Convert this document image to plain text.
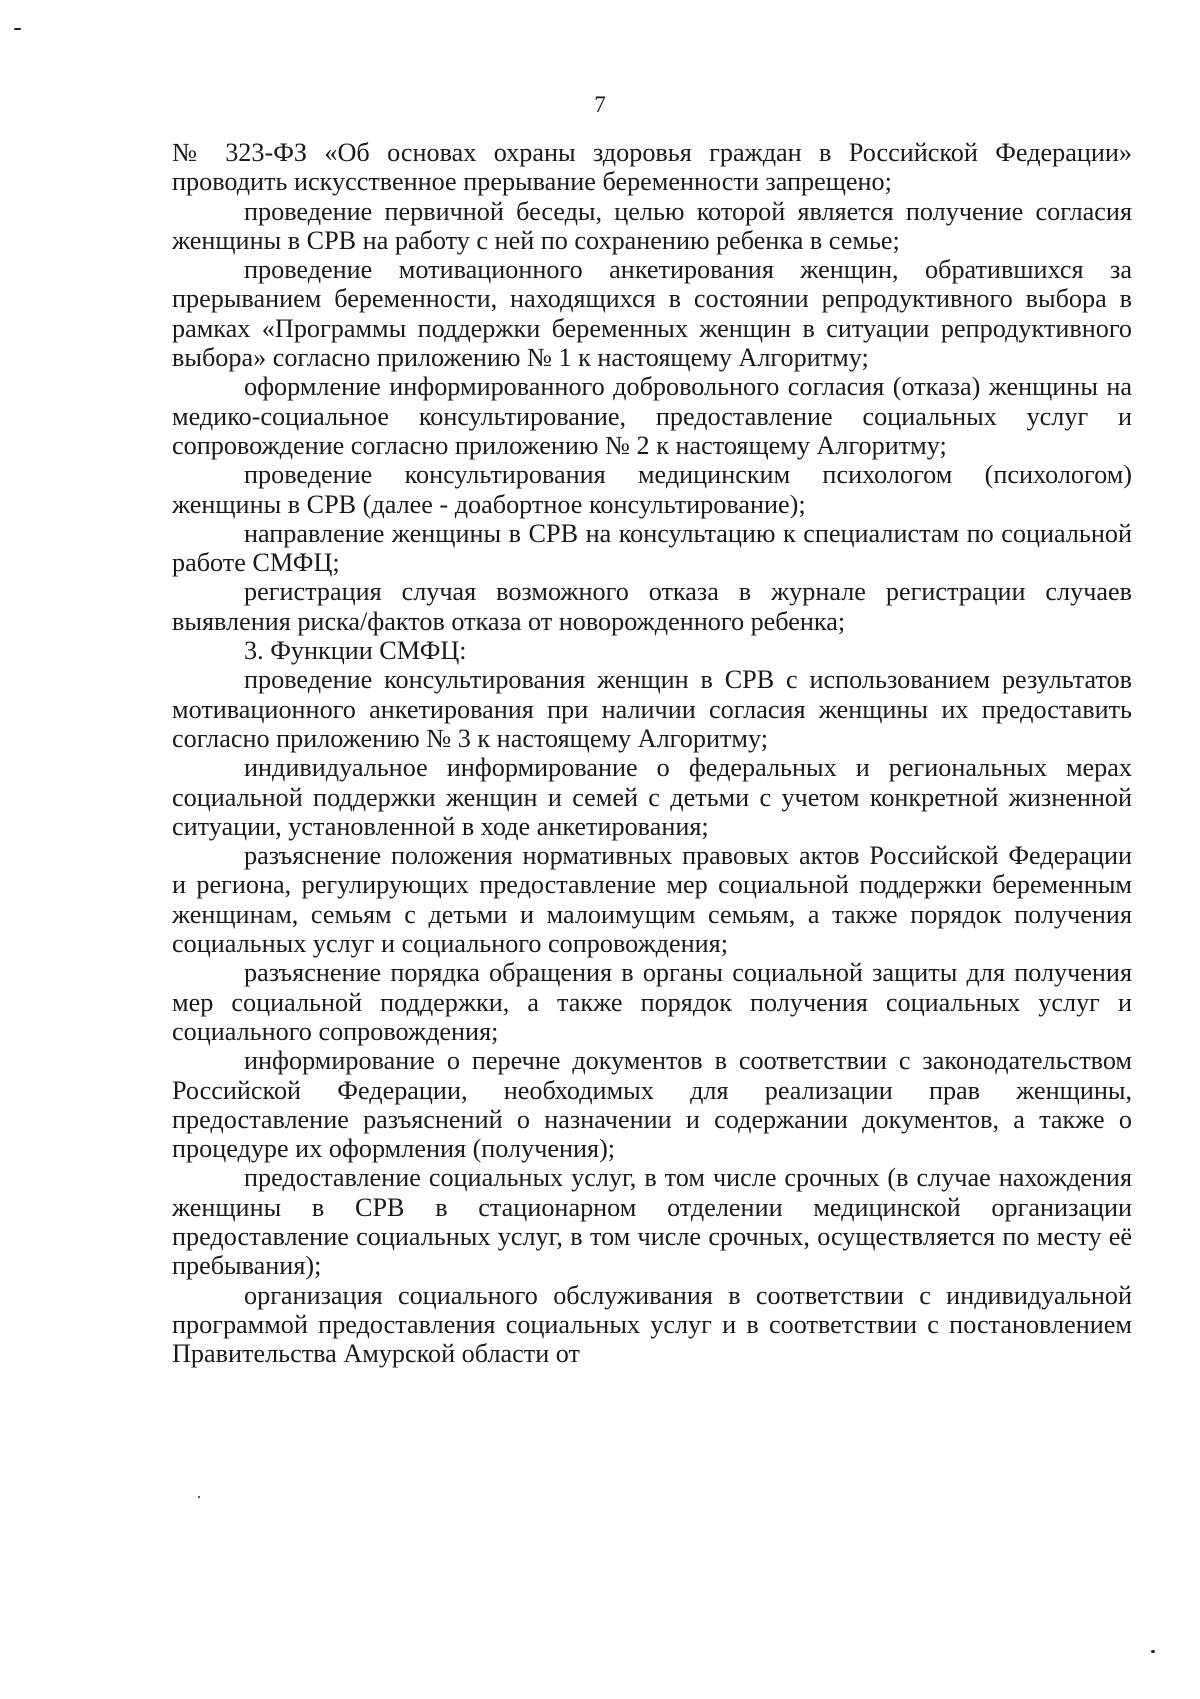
7

№ 323-ФЗ «Об основах охраны здоровья граждан в Российской Федерации» проводить искусственное прерывание беременности запрещено;

проведение первичной беседы, целью которой является получение согласия женщины в СРВ на работу с ней по сохранению ребенка в семье;

проведение мотивационного анкетирования женщин, обратившихся за прерыванием беременности, находящихся в состоянии репродуктивного выбора в рамках «Программы поддержки беременных женщин в ситуации репродуктивного выбора» согласно приложению № 1 к настоящему Алгоритму;

оформление информированного добровольного согласия (отказа) женщины на медико-социальное консультирование, предоставление социальных услуг и сопровождение согласно приложению № 2 к настоящему Алгоритму;

проведение консультирования медицинским психологом (психологом) женщины в СРВ (далее - доабортное консультирование);

направление женщины в СРВ на консультацию к специалистам по социальной работе СМФЦ;

регистрация случая возможного отказа в журнале регистрации случаев выявления риска/фактов отказа от новорожденного ребенка;

3. Функции СМФЦ:

проведение консультирования женщин в СРВ с использованием результатов мотивационного анкетирования при наличии согласия женщины их предоставить согласно приложению № 3 к настоящему Алгоритму;

индивидуальное информирование о федеральных и региональных мерах социальной поддержки женщин и семей с детьми с учетом конкретной жизненной ситуации, установленной в ходе анкетирования;

разъяснение положения нормативных правовых актов Российской Федерации и региона, регулирующих предоставление мер социальной поддержки беременным женщинам, семьям с детьми и малоимущим семьям, а также порядок получения социальных услуг и социального сопровождения;

разъяснение порядка обращения в органы социальной защиты для получения мер социальной поддержки, а также порядок получения социальных услуг и социального сопровождения;

информирование о перечне документов в соответствии с законодательством Российской Федерации, необходимых для реализации прав женщины, предоставление разъяснений о назначении и содержании документов, а также о процедуре их оформления (получения);

предоставление социальных услуг, в том числе срочных (в случае нахождения женщины в СРВ в стационарном отделении медицинской организации предоставление социальных услуг, в том числе срочных, осуществляется по месту её пребывания);

организация социального обслуживания в соответствии с индивидуальной программой предоставления социальных услуг и в соответствии с постановлением Правительства Амурской области от
